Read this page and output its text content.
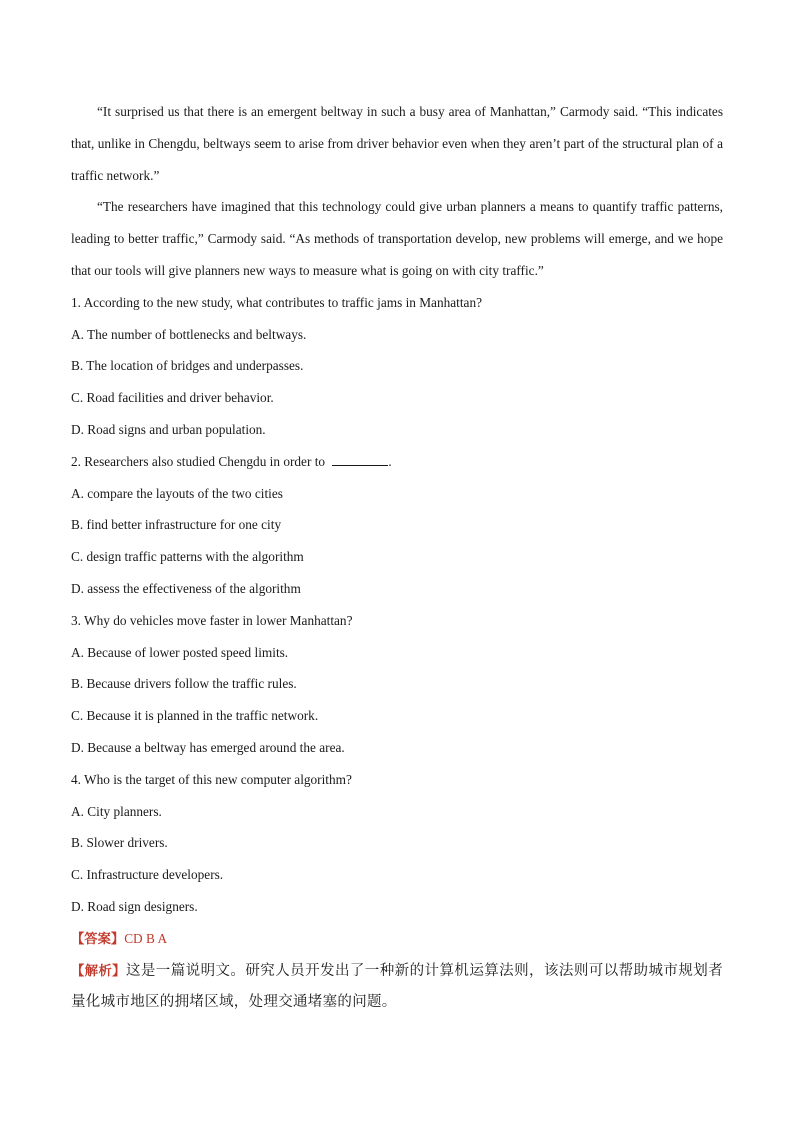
“It surprised us that there is an emergent beltway in such a busy area of Manhattan,” Carmody said. “This indicates that, unlike in Chengdu, beltways seem to arise from driver behavior even when they aren’t part of the structural plan of a traffic network.”

“The researchers have imagined that this technology could give urban planners a means to quantify traffic patterns, leading to better traffic,” Carmody said. “As methods of transportation develop, new problems will emerge, and we hope that our tools will give planners new ways to measure what is going on with city traffic.”

1. According to the new study, what contributes to traffic jams in Manhattan?

A. The number of bottlenecks and beltways.

B. The location of bridges and underpasses.

C. Road facilities and driver behavior.

D. Road signs and urban population.

2. Researchers also studied Chengdu in order to	.

A. compare the layouts of the two cities

B. find better infrastructure for one city

C. design traffic patterns with the algorithm

D. assess the effectiveness of the algorithm

3. Why do vehicles move faster in lower Manhattan?

A. Because of lower posted speed limits.

B. Because drivers follow the traffic rules.

C. Because it is planned in the traffic network.

D. Because a beltway has emerged around the area.

4. Who is the target of this new computer algorithm?

A. City planners.

B. Slower drivers.

C. Infrastructure developers.

D. Road sign designers.

【答案】CD B A

【解析】这是一篇说明文。研究人员开发出了一种新的计算机运算法则，该法则可以帮助城市规划者量化城市地区的拥堵区域，处理交通堵塞的问题。
